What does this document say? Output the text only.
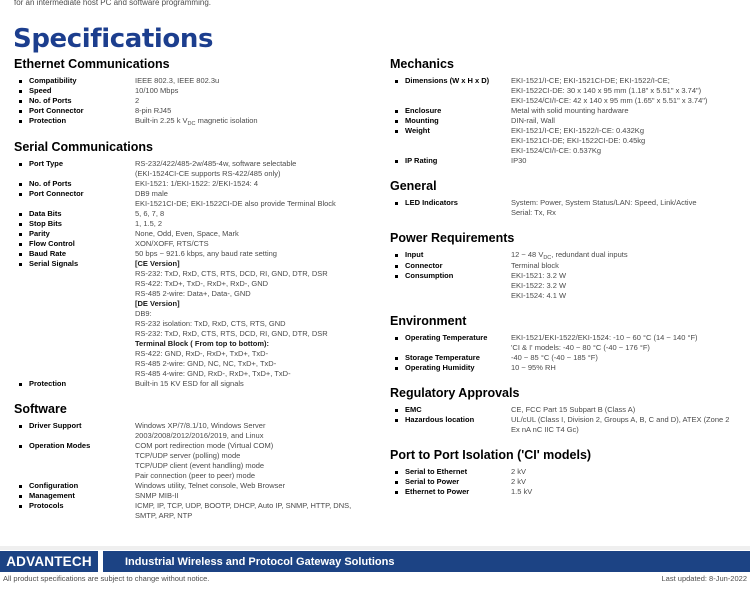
for an intermediate host PC and software programming.
Specifications
Ethernet Communications
Compatibility	IEEE 802.3, IEEE 802.3u
Speed	10/100 Mbps
No. of Ports	2
Port Connector	8-pin RJ45
Protection	Built-in 2.25 k $V_{DC}$ magnetic isolation
Serial Communications
Port Type	RS-232/422/485-2w/485-4w, software selectable
(EKI-1524CI-CE supports RS-422/485 only)
No. of Ports	EKI-1521: 1/EKI-1522: 2/EKI-1524: 4
Port Connector	DB9 male
EKI-1521CI-DE; EKI-1522CI-DE also provide Terminal Block
Data Bits	5, 6, 7, 8
Stop Bits	1, 1.5, 2
Parity	None, Odd, Even, Space, Mark
Flow Control	XON/XOFF, RTS/CTS
Baud Rate	50 bps ~ 921.6 kbps, any baud rate setting
Serial Signals	[CE Version]
RS-232: TxD, RxD, CTS, RTS, DCD, RI, GND, DTR, DSR
RS-422: TxD+, TxD-, RxD+, RxD-, GND
RS-485 2-wire: Data+, Data-, GND
[DE Version]
DB9:
RS-232 isolation: TxD, RxD, CTS, RTS, GND
RS-232: TxD, RxD, CTS, RTS, DCD, RI, GND, DTR, DSR
Terminal Block ( From top to bottom):
RS-422: GND, RxD-, RxD+, TxD+, TxD-
RS-485 2-wire: GND, NC, NC, TxD+, TxD-
RS-485 4-wire: GND, RxD-, RxD+, TxD+, TxD-
Protection	Built-in 15 KV ESD for all signals
Software
Driver Support	Windows XP/7/8.1/10, Windows Server
2003/2008/2012/2016/2019, and Linux
Operation Modes	COM port redirection mode (Virtual COM)
TCP/UDP server (polling) mode
TCP/UDP client (event handling) mode
Pair connection (peer to peer) mode
Configuration	Windows utility, Telnet console, Web Browser
Management	SNMP MIB-II
Protocols	ICMP, IP, TCP, UDP, BOOTP, DHCP, Auto IP, SNMP, HTTP, DNS,
SMTP, ARP, NTP
Mechanics
Dimensions (W x H x D)	EKI-1521/I-CE; EKI-1521CI-DE; EKI-1522/I-CE;
EKI-1522CI-DE: 30 x 140 x 95 mm (1.18" x 5.51" x 3.74")
EKI-1524/CI/I-CE: 42 x 140 x 95 mm (1.65" x 5.51" x 3.74")
Enclosure	Metal with solid mounting hardware
Mounting	DIN-rail, Wall
Weight	EKI-1521/I-CE; EKI-1522/I-CE: 0.432Kg
EKI-1521CI-DE; EKI-1522CI-DE: 0.45kg
EKI-1524/CI/I-CE: 0.537Kg
IP Rating	IP30
General
LED Indicators	System: Power, System Status/LAN: Speed, Link/Active
Serial: Tx, Rx
Power Requirements
Input	12 ~ 48 $V_{DC}$, redundant dual inputs
Connector	Terminal block
Consumption	EKI-1521: 3.2 W
EKI-1522: 3.2 W
EKI-1524: 4.1 W
Environment
Operating Temperature	EKI-1521/EKI-1522/EKI-1524: -10 ~ 60 °C (14 ~ 140 °F)
'CI & I' models: -40 ~ 80 °C (-40 ~ 176 °F)
Storage Temperature	-40 ~ 85 °C (-40 ~ 185 °F)
Operating Humidity	10 ~ 95% RH
Regulatory Approvals
EMC	CE, FCC Part 15 Subpart B (Class A)
Hazardous location	UL/cUL (Class I, Division 2, Groups A, B, C and D), ATEX (Zone 2
Ex nA nC IIC T4 Gc)
Port to Port Isolation ('CI' models)
Serial to Ethernet	2 kV
Serial to Power	2 kV
Ethernet to Power	1.5 kV
ADVANTECH	Industrial Wireless and Protocol Gateway Solutions
All product specifications are subject to change without notice.	Last updated: 8-Jun-2022
